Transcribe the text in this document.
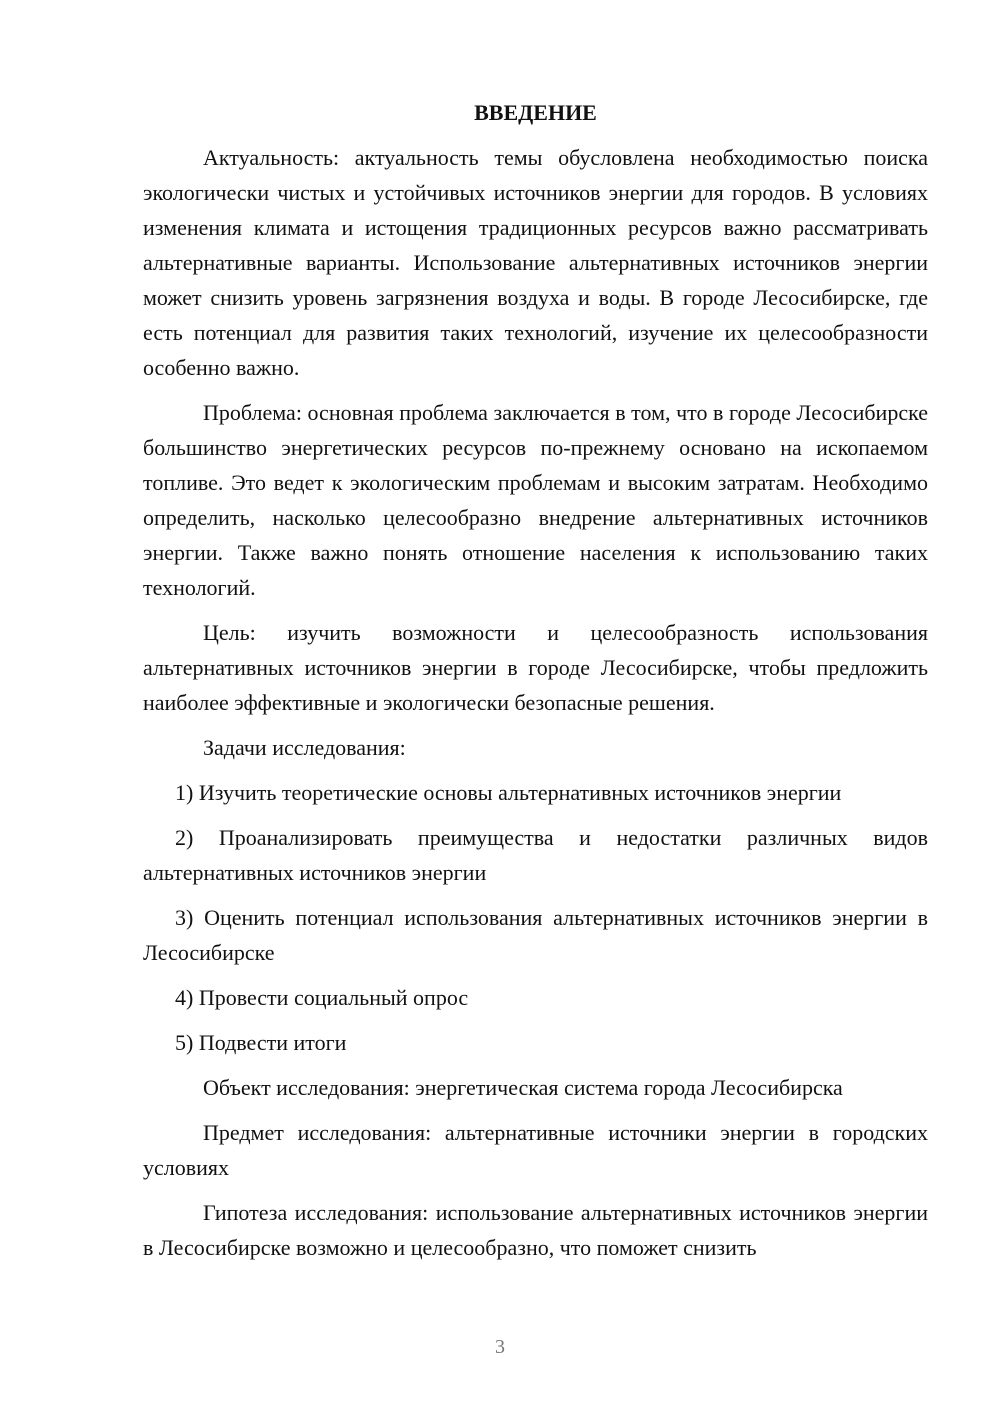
ВВЕДЕНИЕ

Актуальность: актуальность темы обусловлена необходимостью поиска экологически чистых и устойчивых источников энергии для городов. В условиях изменения климата и истощения традиционных ресурсов важно рассматривать альтернативные варианты. Использование альтернативных источников энергии может снизить уровень загрязнения воздуха и воды. В городе Лесосибирске, где есть потенциал для развития таких технологий, изучение их целесообразности особенно важно.

Проблема: основная проблема заключается в том, что в городе Лесосибирске большинство энергетических ресурсов по-прежнему основано на ископаемом топливе. Это ведет к экологическим проблемам и высоким затратам. Необходимо определить, насколько целесообразно внедрение альтернативных источников энергии. Также важно понять отношение населения к использованию таких технологий.

Цель: изучить возможности и целесообразность использования альтернативных источников энергии в городе Лесосибирске, чтобы предложить наиболее эффективные и экологически безопасные решения.

Задачи исследования:

1) Изучить теоретические основы альтернативных источников энергии

2) Проанализировать преимущества и недостатки различных видов альтернативных источников энергии

3) Оценить потенциал использования альтернативных источников энергии в Лесосибирске

4) Провести социальный опрос

5) Подвести итоги

Объект исследования: энергетическая система города Лесосибирска

Предмет исследования: альтернативные источники энергии в городских условиях

Гипотеза исследования: использование альтернативных источников энергии в Лесосибирске возможно и целесообразно, что поможет снизить

3
